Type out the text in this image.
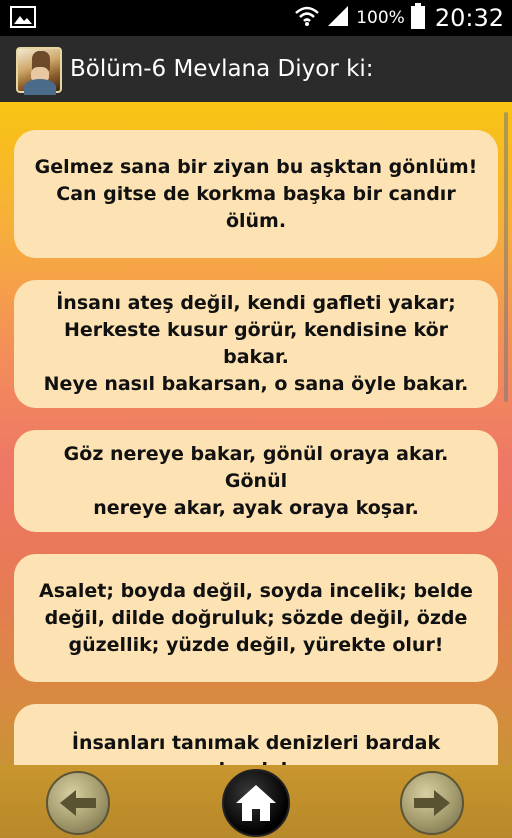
100% 20:32
Bölüm-6 Mevlana Diyor ki:
Gelmez sana bir ziyan bu aşktan gönlüm!
Can gitse de korkma başka bir candır
ölüm.
İnsanı ateş değil, kendi gafleti yakar;
Herkeste kusur görür, kendisine kör bakar.
Neye nasıl bakarsan, o sana öyle bakar.
Göz nereye bakar, gönül oraya akar. Gönül
nereye akar, ayak oraya koşar.
Asalet; boyda değil, soyda incelik; belde
değil, dilde doğruluk; sözde değil, özde
güzellik; yüzde değil, yürekte olur!
İnsanları tanımak denizleri bardak
